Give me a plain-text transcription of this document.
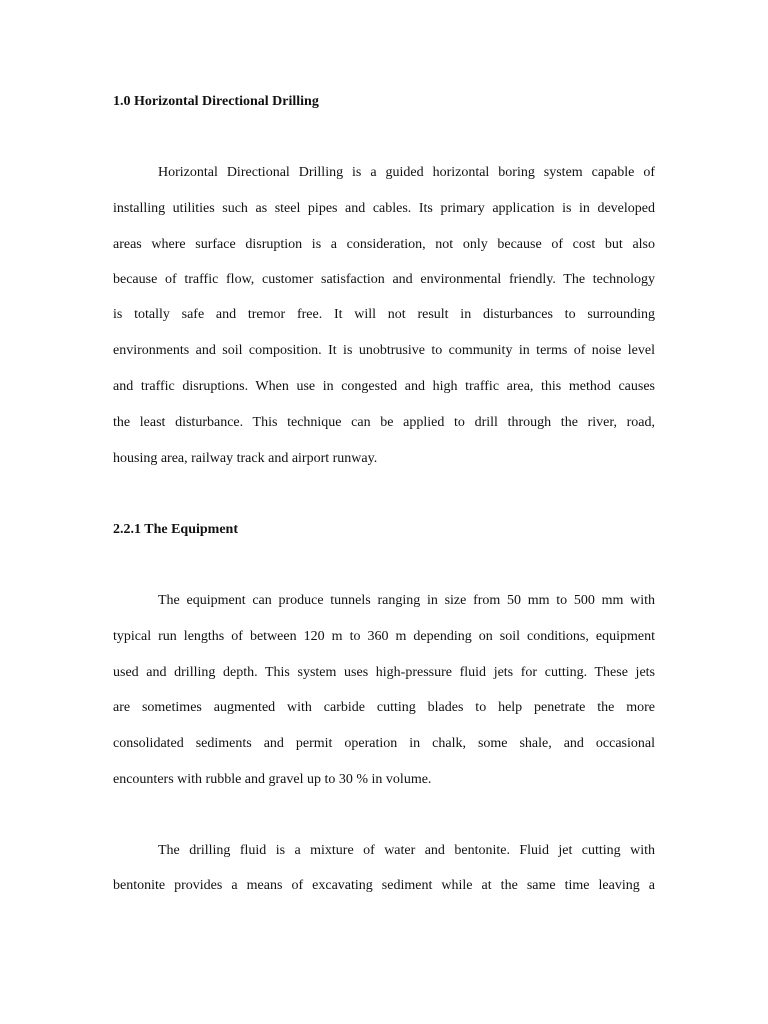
1.0 Horizontal Directional Drilling

Horizontal Directional Drilling is a guided horizontal boring system capable of

installing utilities such as steel pipes and cables. Its primary application is in developed

areas where surface disruption is a consideration, not only because of cost but also

because of traffic flow, customer satisfaction and environmental friendly. The technology

is totally safe and tremor free. It will not result in disturbances to surrounding

environments and soil composition. It is unobtrusive to community in terms of noise level

and traffic disruptions. When use in congested and high traffic area, this method causes

the least disturbance. This technique can be applied to drill through the river, road,

housing area, railway track and airport runway.

2.2.1 The Equipment

The equipment can produce tunnels ranging in size from 50 mm to 500 mm with

typical run lengths of between 120 m to 360 m depending on soil conditions, equipment

used and drilling depth. This system uses high-pressure fluid jets for cutting. These jets

are sometimes augmented with carbide cutting blades to help penetrate the more

consolidated sediments and permit operation in chalk, some shale, and occasional

encounters with rubble and gravel up to 30 % in volume.

The drilling fluid is a mixture of water and bentonite. Fluid jet cutting with

bentonite provides a means of excavating sediment while at the same time leaving a
